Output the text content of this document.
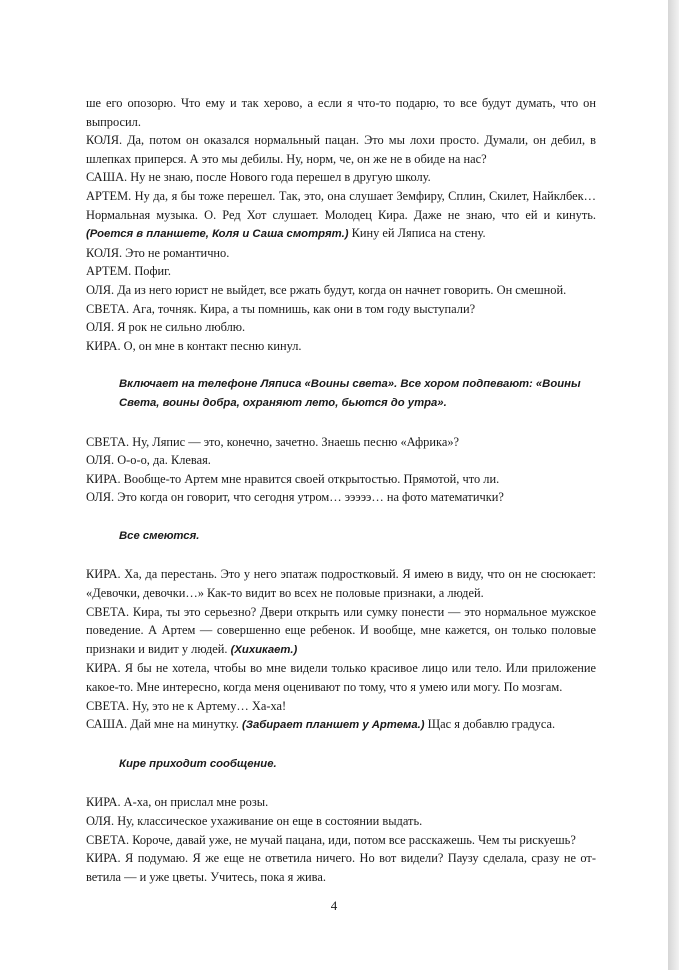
ше его опозорю. Что ему и так херово, а если я что-то подарю, то все будут думать, что он выпросил.

КОЛЯ. Да, потом он оказался нормальный пацан. Это мы лохи просто. Думали, он дебил, в шлепках приперся. А это мы дебилы. Ну, норм, че, он же не в обиде на нас?

САША. Ну не знаю, после Нового года перешел в другую школу.

АРТЕМ. Ну да, я бы тоже перешел. Так, это, она слушает Земфиру, Сплин, Скилет, Найклбек… Нормальная музыка. О. Ред Хот слушает. Молодец Кира. Даже не знаю, что ей и кинуть. (Роется в планшете, Коля и Саша смотрят.) Кину ей Ляписа на стену.

КОЛЯ. Это не романтично.

АРТЕМ. Пофиг.

ОЛЯ. Да из него юрист не выйдет, все ржать будут, когда он начнет говорить. Он смешной.

СВЕТА. Ага, точняк. Кира, а ты помнишь, как они в том году выступали?

ОЛЯ. Я рок не сильно люблю.

КИРА. О, он мне в контакт песню кинул.

Включает на телефоне Ляписа «Воины света». Все хором подпевают: «Воины Света, воины добра, охраняют лето, бьются до утра».

СВЕТА. Ну, Ляпис — это, конечно, зачетно. Знаешь песню «Африка»?

ОЛЯ. О-о-о, да. Клевая.

КИРА. Вообще-то Артем мне нравится своей открытостью. Прямотой, что ли.

ОЛЯ. Это когда он говорит, что сегодня утром… эээээ… на фото математички?

Все смеются.

КИРА. Ха, да перестань. Это у него эпатаж подростковый. Я имею в виду, что он не сюсюкает: «Девочки, девочки…» Как-то видит во всех не половые признаки, а людей.

СВЕТА. Кира, ты это серьезно? Двери открыть или сумку понести — это нормальное мужское поведение. А Артем — совершенно еще ребенок. И вообще, мне кажется, он только половые признаки и видит у людей. (Хихикает.)

КИРА. Я бы не хотела, чтобы во мне видели только красивое лицо или тело. Или приложение какое-то. Мне интересно, когда меня оценивают по тому, что я умею или могу. По мозгам.

СВЕТА. Ну, это не к Артему… Ха-ха!

САША. Дай мне на минутку. (Забирает планшет у Артема.) Щас я добавлю градуса.

Кире приходит сообщение.

КИРА. А-ха, он прислал мне розы.

ОЛЯ. Ну, классическое ухаживание он еще в состоянии выдать.

СВЕТА. Короче, давай уже, не мучай пацана, иди, потом все расскажешь. Чем ты рискуешь?

КИРА. Я подумаю. Я же еще не ответила ничего. Но вот видели? Паузу сделала, сразу не ответила — и уже цветы. Учитесь, пока я жива.

4
